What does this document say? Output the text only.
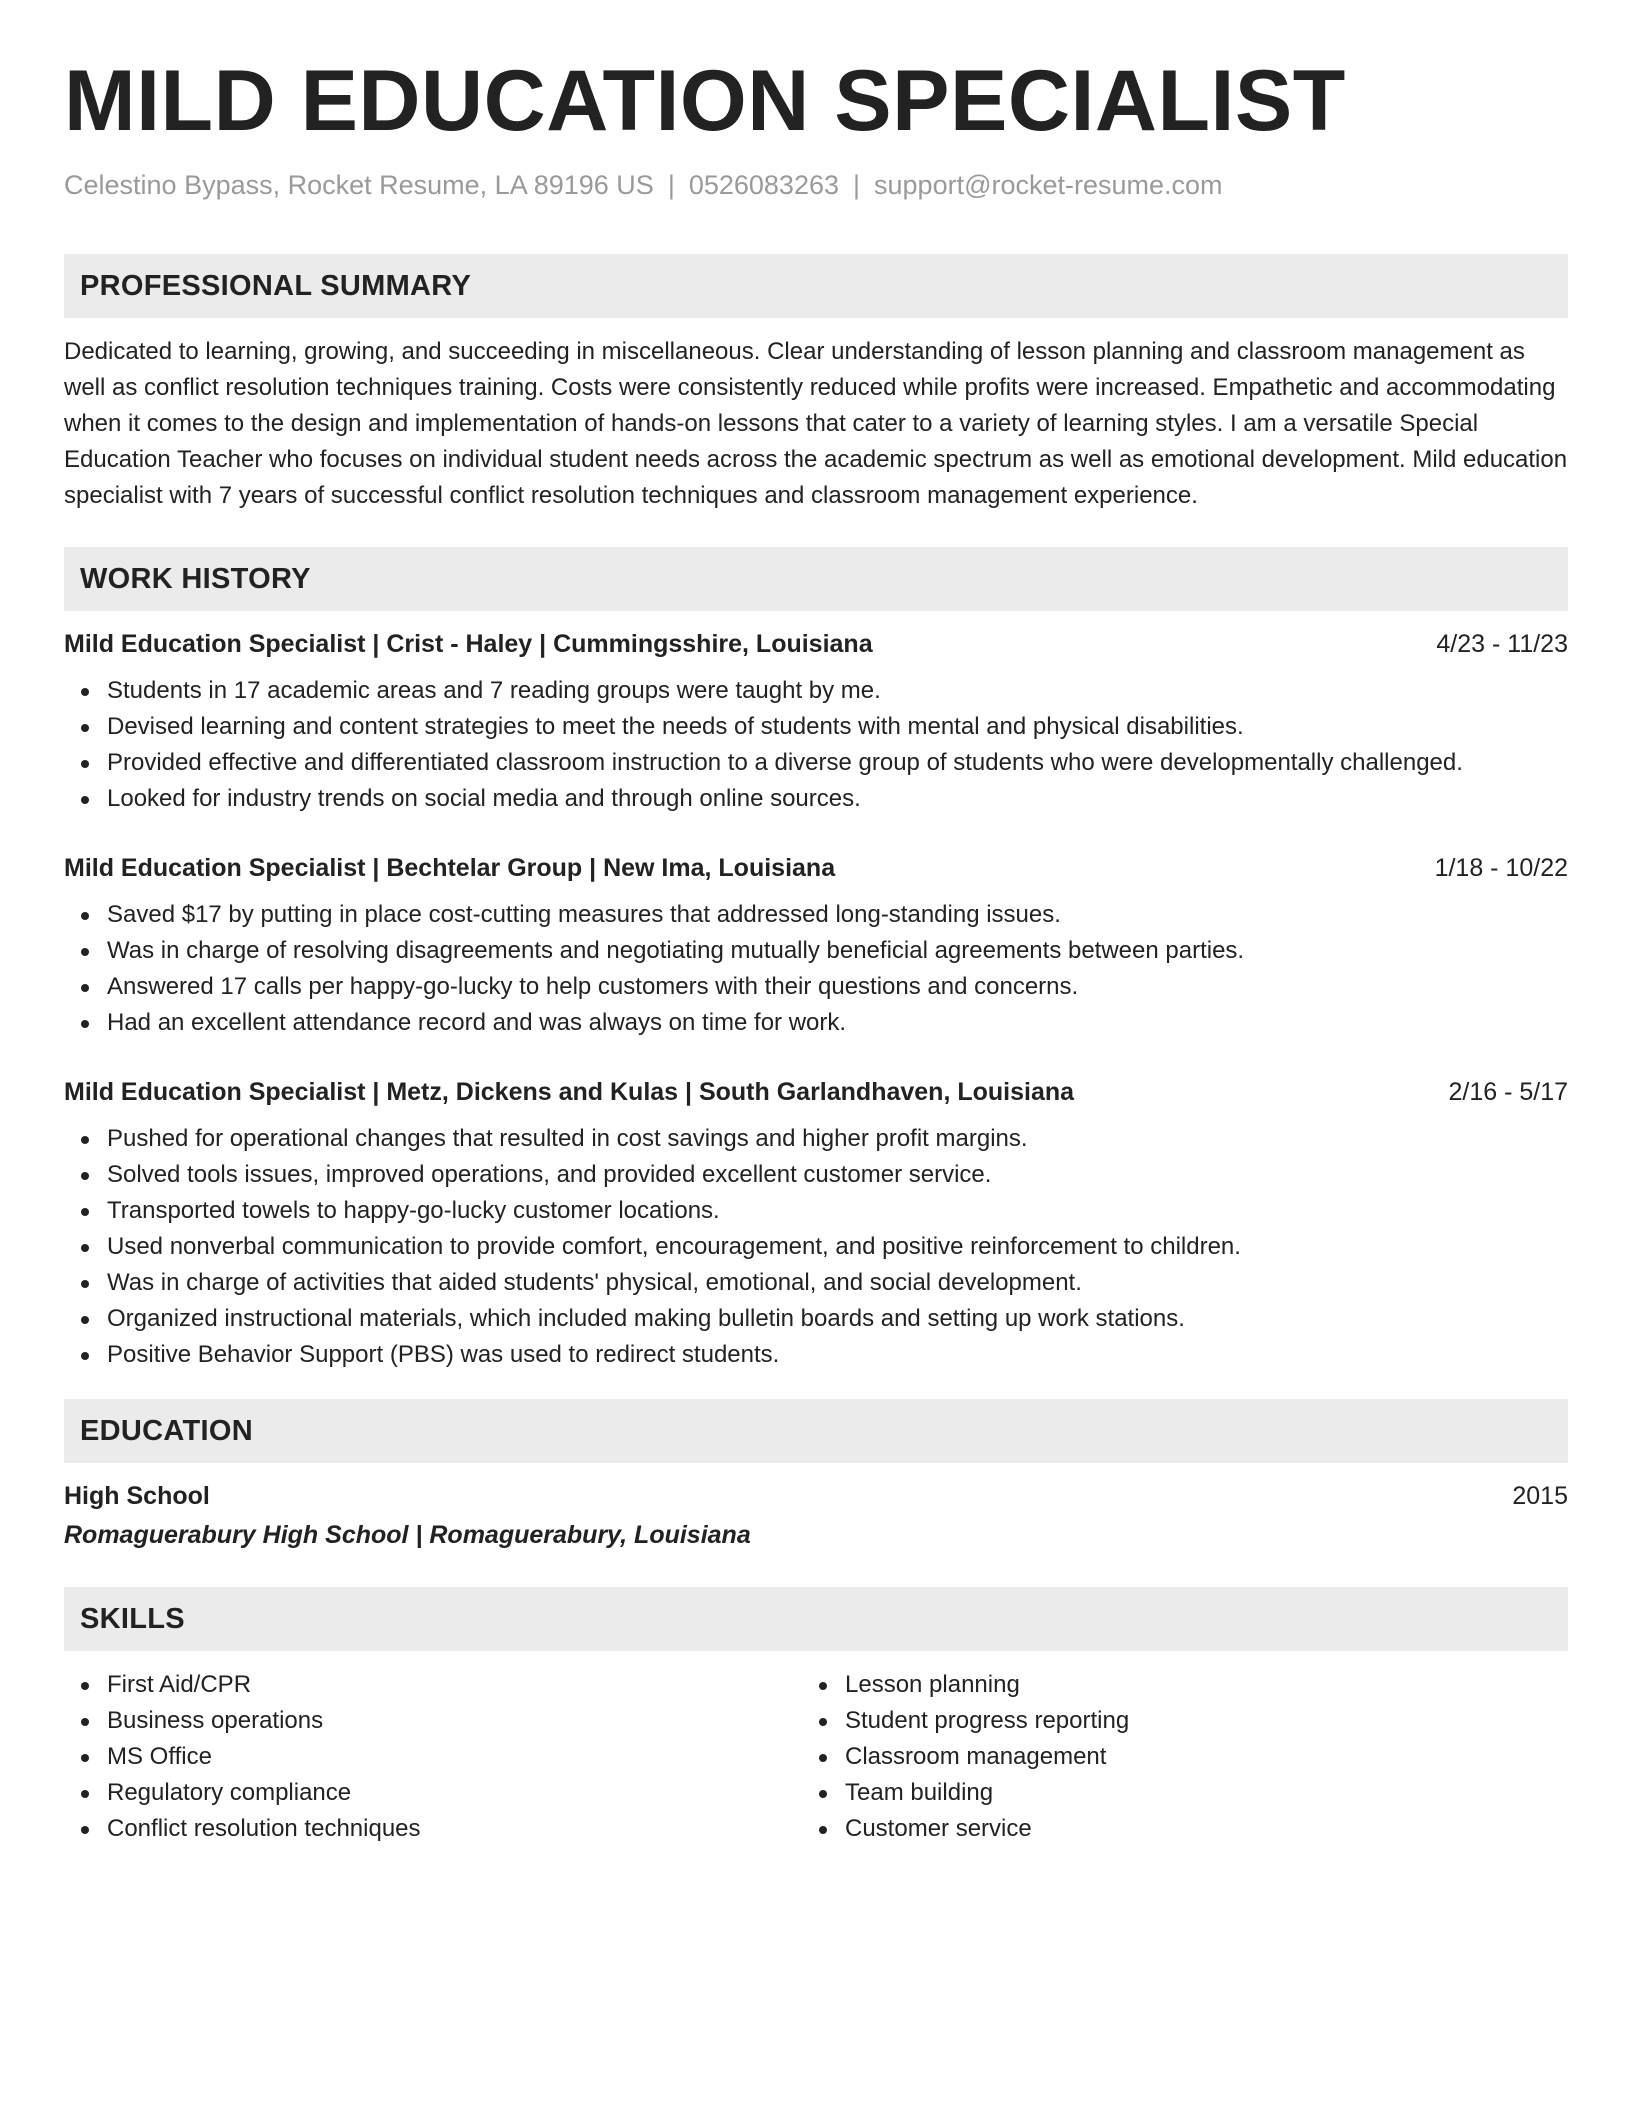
MILD EDUCATION SPECIALIST
Celestino Bypass, Rocket Resume, LA 89196 US | 0526083263 | support@rocket-resume.com
PROFESSIONAL SUMMARY
Dedicated to learning, growing, and succeeding in miscellaneous. Clear understanding of lesson planning and classroom management as well as conflict resolution techniques training. Costs were consistently reduced while profits were increased. Empathetic and accommodating when it comes to the design and implementation of hands-on lessons that cater to a variety of learning styles. I am a versatile Special Education Teacher who focuses on individual student needs across the academic spectrum as well as emotional development. Mild education specialist with 7 years of successful conflict resolution techniques and classroom management experience.
WORK HISTORY
Mild Education Specialist | Crist - Haley | Cummingsshire, Louisiana	4/23 - 11/23
Students in 17 academic areas and 7 reading groups were taught by me.
Devised learning and content strategies to meet the needs of students with mental and physical disabilities.
Provided effective and differentiated classroom instruction to a diverse group of students who were developmentally challenged.
Looked for industry trends on social media and through online sources.
Mild Education Specialist | Bechtelar Group | New Ima, Louisiana	1/18 - 10/22
Saved $17 by putting in place cost-cutting measures that addressed long-standing issues.
Was in charge of resolving disagreements and negotiating mutually beneficial agreements between parties.
Answered 17 calls per happy-go-lucky to help customers with their questions and concerns.
Had an excellent attendance record and was always on time for work.
Mild Education Specialist | Metz, Dickens and Kulas | South Garlandhaven, Louisiana	2/16 - 5/17
Pushed for operational changes that resulted in cost savings and higher profit margins.
Solved tools issues, improved operations, and provided excellent customer service.
Transported towels to happy-go-lucky customer locations.
Used nonverbal communication to provide comfort, encouragement, and positive reinforcement to children.
Was in charge of activities that aided students' physical, emotional, and social development.
Organized instructional materials, which included making bulletin boards and setting up work stations.
Positive Behavior Support (PBS) was used to redirect students.
EDUCATION
High School	2015
Romaguerabury High School | Romaguerabury, Louisiana
SKILLS
First Aid/CPR
Business operations
MS Office
Regulatory compliance
Conflict resolution techniques
Lesson planning
Student progress reporting
Classroom management
Team building
Customer service
